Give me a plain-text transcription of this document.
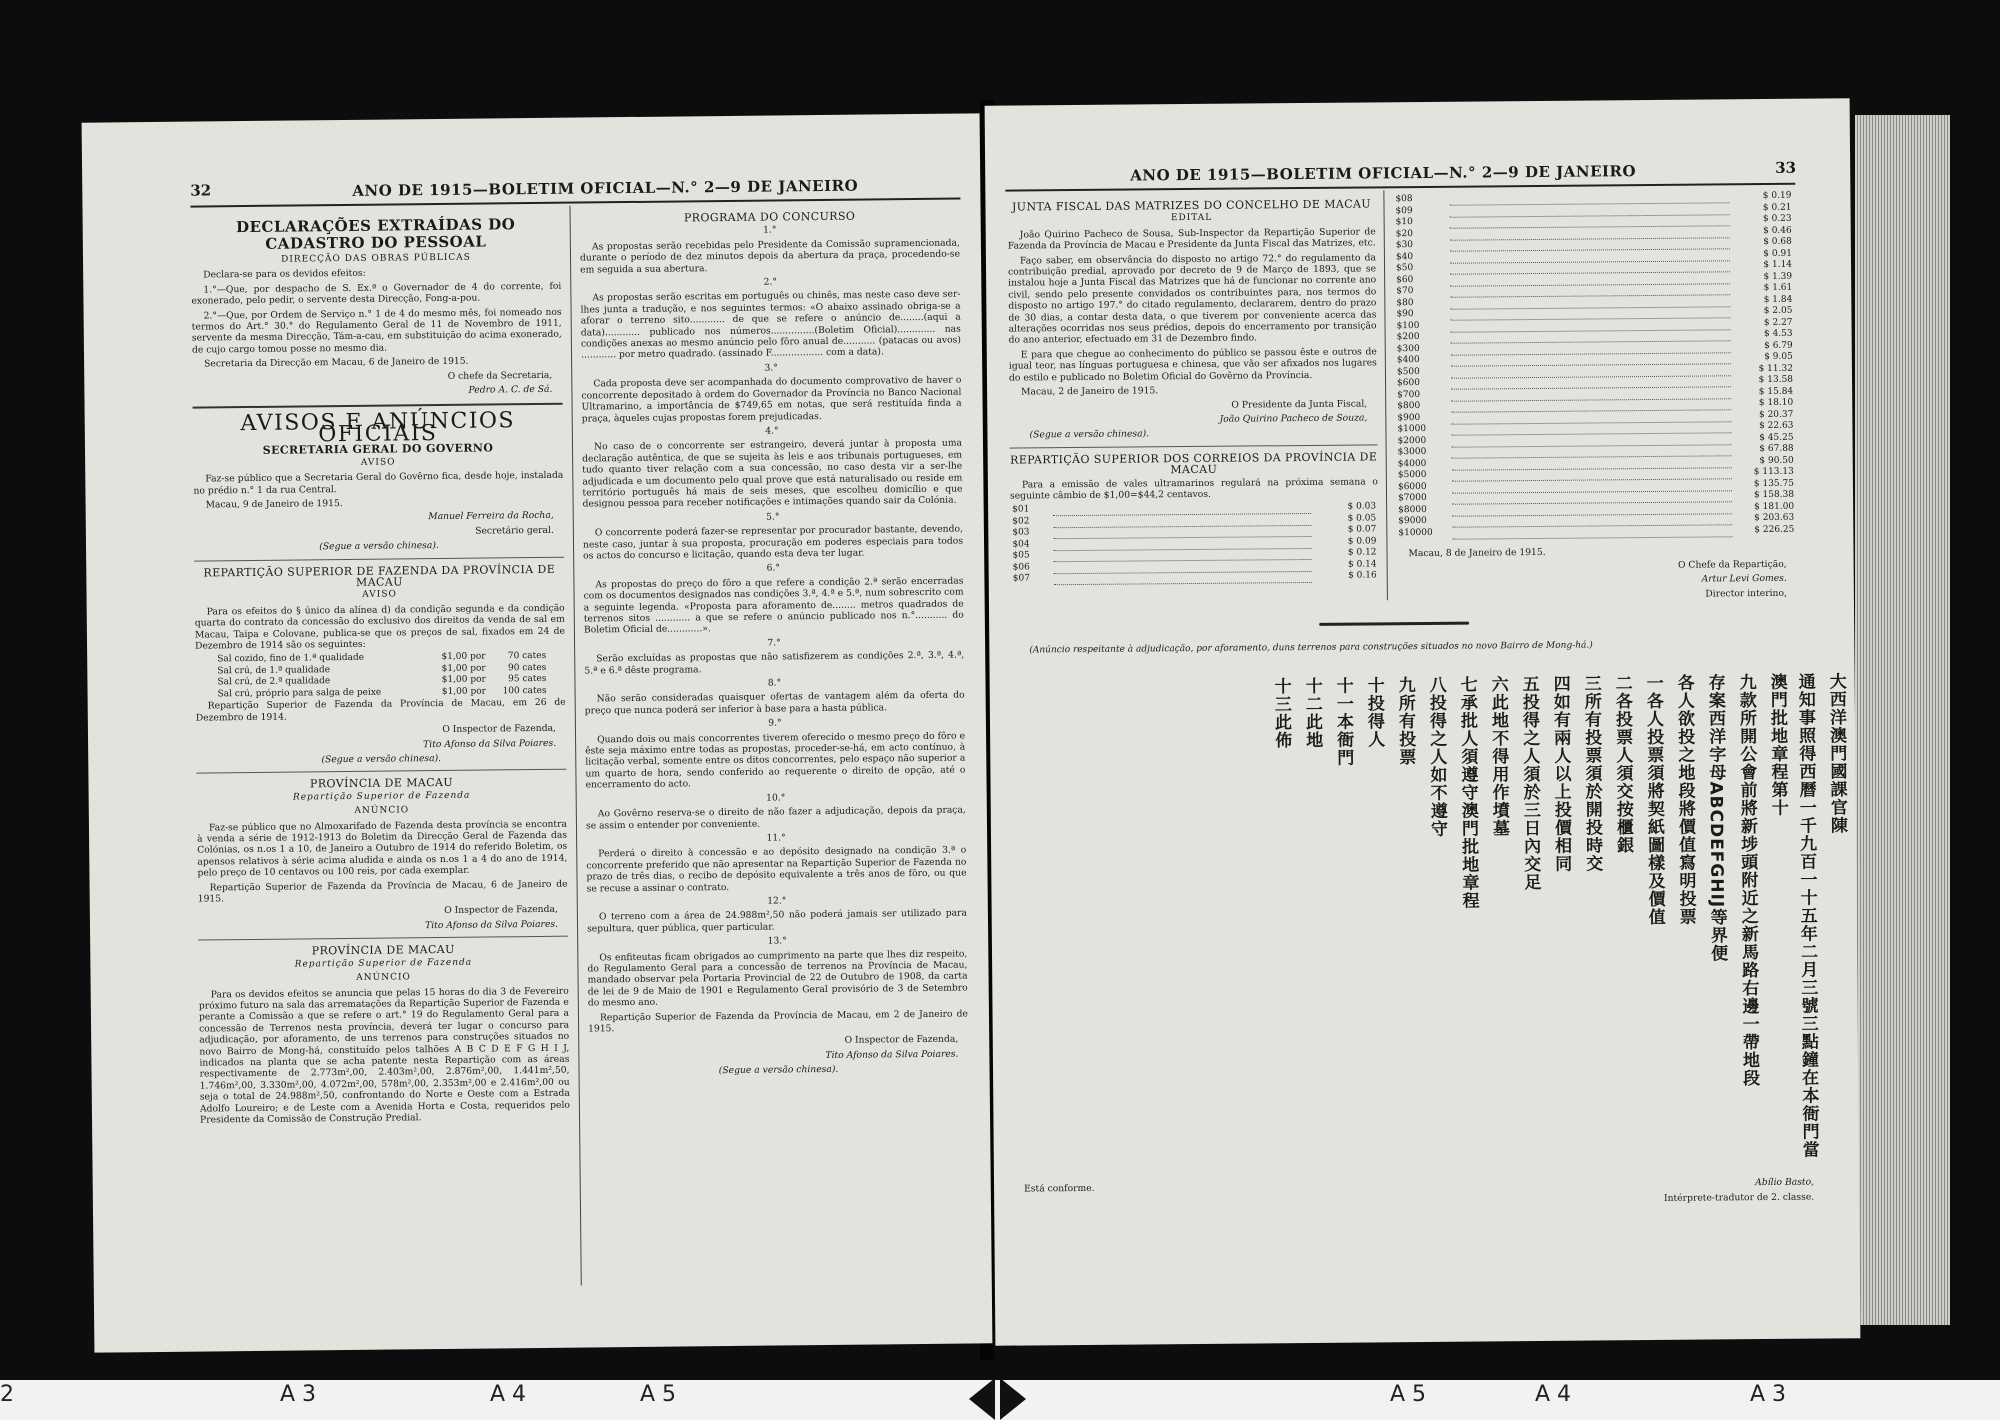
32	ANO DE 1915—BOLETIM OFICIAL—N.° 2—9 DE JANEIRO
DECLARAÇÕES EXTRAÍDAS DO CADASTRO DO PESSOAL
DIRECÇÃO DAS OBRAS PÚBLICAS

Declara-se para os devidos efeitos:

1.°—Que, por despacho de S. Ex.ª o Governador de 4 do corrente, foi exonerado, pelo pedir, o servente desta Direcção, Fong-a-pou.

2.°—Que, por Ordem de Serviço n.° 1 de 4 do mesmo mês, foi nomeado nos termos do Art.° 30.° do Regulamento Geral de 11 de Novembro de 1911, servente da mesma Direcção, Tám-a-cau, em substituição do acima exonerado, de cujo cargo tomou posse no mesmo dia.

Secretaria da Direcção em Macau, 6 de Janeiro de 1915.

O chefe da Secretaria,

Pedro A. C. de Sá.

AVISOS E ANÚNCIOS OFICIAIS
SECRETARIA GERAL DO GOVERNO
AVISO

Faz-se público que a Secretaria Geral do Govêrno fica, desde hoje, instalada no prédio n.° 1 da rua Central.

Macau, 9 de Janeiro de 1915.

Manuel Ferreira da Rocha,

Secretário geral.

(Segue a versão chinesa).

REPARTIÇÃO SUPERIOR DE FAZENDA DA PROVÍNCIA DE MACAU
AVISO

Para os efeitos do § único da alínea d) da condição segunda e da condição quarta do contrato da concessão do exclusivo dos direitos da venda de sal em Macau, Taipa e Colovane, publica-se que os preços de sal, fixados em 24 de Dezembro de 1914 são os seguintes:

Sal cozido, fino de 1.ª qualidade	$1,00 por	70 cates
Sal crú, de 1.ª qualidade	$1,00 por	90 cates
Sal crú, de 2.ª qualidade	$1,00 por	95 cates
Sal crú, próprio para salga de peixe	$1,00 por	100 cates

Repartição Superior de Fazenda da Província de Macau, em 26 de Dezembro de 1914.

O Inspector de Fazenda,

Tito Afonso da Silva Poiares.

(Segue a versão chinesa).

PROVÍNCIA DE MACAU
Repartição Superior de Fazenda
ANÚNCIO

Faz-se público que no Almoxarifado de Fazenda desta província se encontra à venda a série de 1912-1913 do Boletim da Direcção Geral de Fazenda das Colónias, os n.os 1 a 10, de Janeiro a Outubro de 1914 do referido Boletim, os apensos relativos à série acima aludida e ainda os n.os 1 a 4 do ano de 1914, pelo preço de 10 centavos ou 100 reis, por cada exemplar.

Repartição Superior de Fazenda da Província de Macau, 6 de Janeiro de 1915.

O Inspector de Fazenda,

Tito Afonso da Silva Poiares.

PROVÍNCIA DE MACAU
Repartição Superior de Fazenda
ANÚNCIO

Para os devidos efeitos se anuncia que pelas 15 horas do dia 3 de Fevereiro próximo futuro na sala das arrematações da Repartição Superior de Fazenda e perante a Comissão a que se refere o art.° 19 do Regulamento Geral para a concessão de Terrenos nesta província, deverá ter lugar o concurso para adjudicação, por aforamento, de uns terrenos para construções situados no novo Bairro de Mong-há, constituído pelos talhões A B C D E F G H I J, indicados na planta que se acha patente nesta Repartição com as áreas respectivamente de 2.773m²,00, 2.403m²,00, 2.876m²,00, 1.441m²,50, 1.746m²,00, 3.330m²,00, 4.072m²,00, 578m²,00, 2.353m²,00 e 2.416m²,00 ou seja o total de 24.988m²,50, confrontando do Norte e Oeste com a Estrada Adolfo Loureiro; e de Leste com a Avenida Horta e Costa, requeridos pelo Presidente da Comissão de Construção Predial.

PROGRAMA DO CONCURSO

1.°

As propostas serão recebidas pelo Presidente da Comissão supramencionada, durante o período de dez minutos depois da abertura da praça, procedendo-se em seguida a sua abertura.

2.°

As propostas serão escritas em português ou chinês, mas neste caso deve ser-lhes junta a tradução, e nos seguintes termos: «O abaixo assinado obriga-se a aforar o terreno sito............ de que se refere o anúncio de........(aqui a data)............ publicado nos números...............(Boletim Oficial)............. nas condições anexas ao mesmo anúncio pelo fôro anual de........... (patacas ou avos) ............ por metro quadrado. (assinado F.................. com a data).

3.°

Cada proposta deve ser acompanhada do documento comprovativo de haver o concorrente depositado à ordem do Governador da Província no Banco Nacional Ultramarino, a importância de $749,65 em notas, que será restituída finda a praça, àqueles cujas propostas forem prejudicadas.

4.°

No caso de o concorrente ser estrangeiro, deverá juntar à proposta uma declaração autêntica, de que se sujeita às leis e aos tribunais portugueses, em tudo quanto tiver relação com a sua concessão, no caso desta vir a ser-lhe adjudicada e um documento pelo qual prove que está naturalisado ou reside em território português há mais de seis meses, que escolheu domicílio e que designou pessoa para receber notificações e intimações quando sair da Colónia.

5.°

O concorrente poderá fazer-se representar por procurador bastante, devendo, neste caso, juntar à sua proposta, procuração em poderes especiais para todos os actos do concurso e licitação, quando esta deva ter lugar.

6.°

As propostas do preço do fôro a que refere a condição 2.ª serão encerradas com os documentos designados nas condições 3.ª, 4.ª e 5.ª, num sobrescrito com a seguinte legenda. «Proposta para aforamento de........ metros quadrados de terrenos sitos ............ a que se refere o anúncio publicado nos n.°........... do Boletim Oficial de............».

7.°

Serão excluídas as propostas que não satisfizerem as condições 2.ª, 3.ª, 4.ª, 5.ª e 6.ª dêste programa.

8.°

Não serão consideradas quaisquer ofertas de vantagem além da oferta do preço que nunca poderá ser inferior à base para a hasta pública.

9.°

Quando dois ou mais concorrentes tiverem oferecido o mesmo preço do fôro e êste seja máximo entre todas as propostas, proceder-se-há, em acto contínuo, à licitação verbal, somente entre os ditos concorrentes, pelo espaço não superior a um quarto de hora, sendo conferido ao requerente o direito de opção, até o encerramento do acto.

10.°

Ao Govêrno reserva-se o direito de não fazer a adjudicação, depois da praça, se assim o entender por conveniente.

11.°

Perderá o direito à concessão e ao depósito designado na condição 3.ª o concorrente preferido que não apresentar na Repartição Superior de Fazenda no prazo de três dias, o recibo de depósito equivalente a três anos de fôro, ou que se recuse a assinar o contrato.

12.°

O terreno com a área de 24.988m²,50 não poderá jamais ser utilizado para sepultura, quer pública, quer particular.

13.°

Os enfiteutas ficam obrigados ao cumprimento na parte que lhes diz respeito, do Regulamento Geral para a concessão de terrenos na Província de Macau, mandado observar pela Portaria Provincial de 22 de Outubro de 1908, da carta de lei de 9 de Maio de 1901 e Regulamento Geral provisório de 3 de Setembro do mesmo ano.

Repartição Superior de Fazenda da Província de Macau, em 2 de Janeiro de 1915.

O Inspector de Fazenda,

Tito Afonso da Silva Poiares.

(Segue a versão chinesa).

ANO DE 1915—BOLETIM OFICIAL—N.° 2—9 DE JANEIRO	33
JUNTA FISCAL DAS MATRIZES DO CONCELHO DE MACAU
EDITAL

João Quirino Pacheco de Sousa, Sub-Inspector da Repartição Superior de Fazenda da Província de Macau e Presidente da Junta Fiscal das Matrizes, etc.

Faço saber, em observância do disposto no artigo 72.° do regulamento da contribuição predial, aprovado por decreto de 9 de Março de 1893, que se instalou hoje a Junta Fiscal das Matrizes que há de funcionar no corrente ano civil, sendo pelo presente convidados os contribuintes para, nos termos do disposto no artigo 197.° do citado regulamento, declararem, dentro do prazo de 30 dias, a contar desta data, o que tiverem por conveniente acerca das alterações ocorridas nos seus prédios, depois do encerramento por transição do ano anterior, efectuado em 31 de Dezembro findo.

E para que chegue ao conhecimento do público se passou êste e outros de igual teor, nas línguas portuguesa e chinesa, que vão ser afixados nos lugares do estilo e publicado no Boletim Oficial do Govêrno da Província.

Macau, 2 de Janeiro de 1915.

O Presidente da Junta Fiscal,

João Quirino Pacheco de Souza,

(Segue a versão chinesa).

REPARTIÇÃO SUPERIOR DOS CORREIOS DA PROVÍNCIA DE MACAU

Para a emissão de vales ultramarinos regulará na próxima semana o seguinte câmbio de $1,00=$44,2 centavos.

$01		$ 0.03
$02		$ 0.05
$03		$ 0.07
$04		$ 0.09
$05		$ 0.12
$06		$ 0.14
$07		$ 0.16
$08		$ 0.19
$09		$ 0.21
$10		$ 0.23
$20		$ 0.46
$30		$ 0.68
$40		$ 0.91
$50		$ 1.14
$60		$ 1.39
$70		$ 1.61
$80		$ 1.84
$90		$ 2.05
$100		$ 2.27
$200		$ 4.53
$300		$ 6.79
$400		$ 9.05
$500		$ 11.32
$600		$ 13.58
$700		$ 15.84
$800		$ 18.10
$900		$ 20.37
$1000		$ 22.63
$2000		$ 45.25
$3000		$ 67.88
$4000		$ 90.50
$5000		$ 113.13
$6000		$ 135.75
$7000		$ 158.38
$8000		$ 181.00
$9000		$ 203.63
$10000		$ 226.25

Macau, 8 de Janeiro de 1915.

O Chefe da Repartição,

Artur Levi Gomes.

Director interino,

(Anúncio respeitante à adjudicação, por aforamento, duns terrenos para construções situados no novo Bairro de Mong-há.)
大西洋澳門國課官陳
通知事照得西曆一千九百一十五年二月三號三點鐘在本衙門當澳門批地章程第十
九款所開公會前將新埗頭附近之新馬路右邊一帶地段
存案西洋字母ABCDEFGHIJ等界便
各人欲投之地段將價值寫明投票
一各人投票須將契紙圖樣及價值
二各投票人須交按櫃銀
三所有投票須於開投時交
四如有兩人以上投價相同
五投得之人須於三日內交足
六此地不得用作墳墓
七承批人須遵守澳門批地章程
八投得之人如不遵守
九所有投票
十投得人
十一本衙門
十二此地
十三此佈

Está conforme.

Abílio Basto,

Intérprete-tradutor de 2. classe.

2	A 3	A 4	A 5	A 5	A 4	A 3
